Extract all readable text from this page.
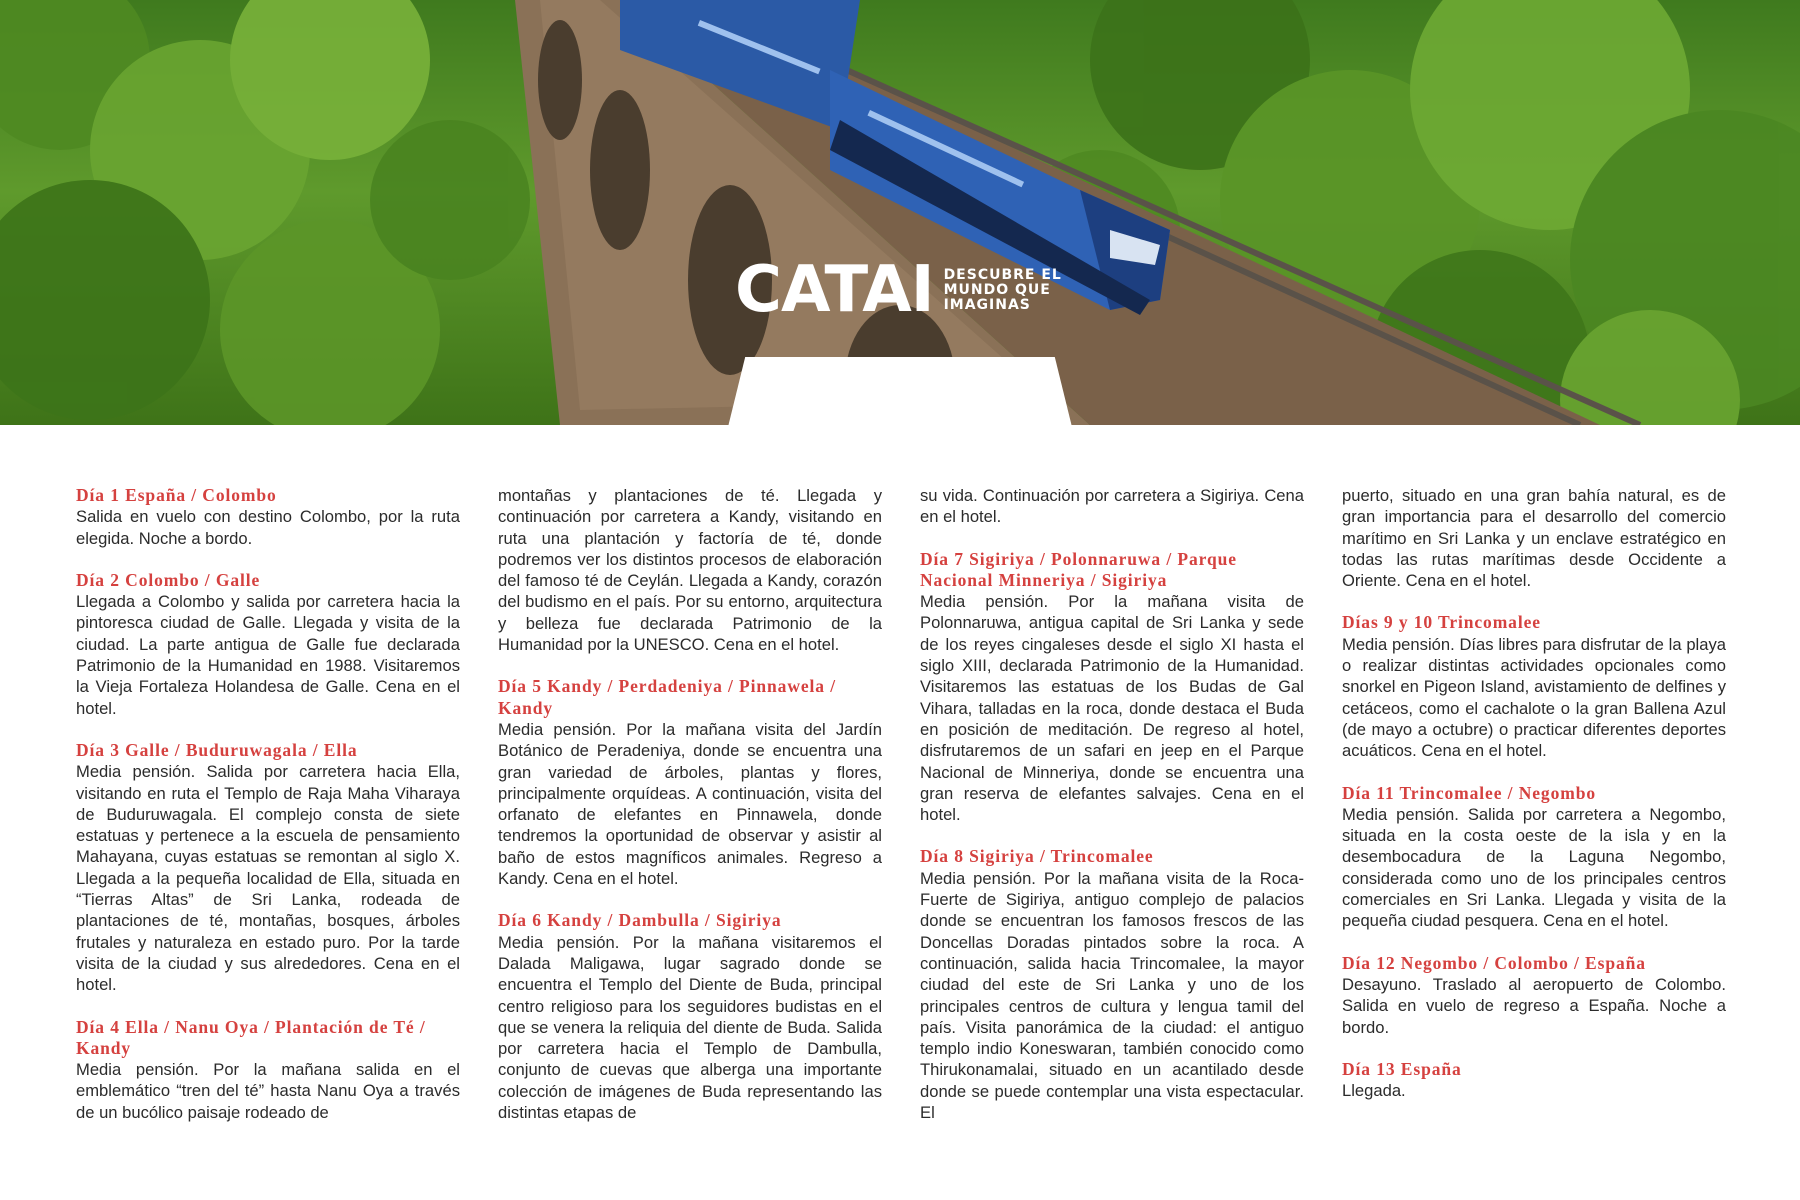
CATAI DESCUBRE EL
MUNDO QUE
IMAGINAS
Día 1 España / Colombo
Salida en vuelo con destino Colombo, por la ruta elegida. Noche a bordo.
Día 2 Colombo / Galle
Llegada a Colombo y salida por carretera hacia la pintoresca ciudad de Galle. Llegada y visita de la ciudad. La parte antigua de Galle fue declarada Patrimonio de la Humanidad en 1988. Visitaremos la Vieja Fortaleza Holandesa de Galle. Cena en el hotel.
Día 3 Galle / Buduruwagala / Ella
Media pensión. Salida por carretera hacia Ella, visitando en ruta el Templo de Raja Maha Viharaya de Buduruwagala. El complejo consta de siete estatuas y pertenece a la escuela de pensamiento Mahayana, cuyas estatuas se remontan al siglo X. Llegada a la pequeña localidad de Ella, situada en “Tierras Altas” de Sri Lanka, rodeada de plantaciones de té, montañas, bosques, árboles frutales y naturaleza en estado puro. Por la tarde visita de la ciudad y sus alrededores. Cena en el hotel.
Día 4 Ella / Nanu Oya / Plantación de Té / Kandy
Media pensión. Por la mañana salida en el emblemático “tren del té” hasta Nanu Oya a través de un bucólico paisaje rodeado de
montañas y plantaciones de té. Llegada y continuación por carretera a Kandy, visitando en ruta una plantación y factoría de té, donde podremos ver los distintos procesos de elaboración del famoso té de Ceylán. Llegada a Kandy, corazón del budismo en el país. Por su entorno, arquitectura y belleza fue declarada Patrimonio de la Humanidad por la UNESCO. Cena en el hotel.
Día 5 Kandy / Perdadeniya / Pinnawela / Kandy
Media pensión. Por la mañana visita del Jardín Botánico de Peradeniya, donde se encuentra una gran variedad de árboles, plantas y flores, principalmente orquídeas. A continuación, visita del orfanato de elefantes en Pinnawela, donde tendremos la oportunidad de observar y asistir al baño de estos magníficos animales. Regreso a Kandy. Cena en el hotel.
Día 6 Kandy / Dambulla / Sigiriya
Media pensión. Por la mañana visitaremos el Dalada Maligawa, lugar sagrado donde se encuentra el Templo del Diente de Buda, principal centro religioso para los seguidores budistas en el que se venera la reliquia del diente de Buda. Salida por carretera hacia el Templo de Dambulla, conjunto de cuevas que alberga una importante colección de imágenes de Buda representando las distintas etapas de
su vida. Continuación por carretera a Sigiriya. Cena en el hotel.
Día 7 Sigiriya / Polonnaruwa / Parque Nacional Minneriya / Sigiriya
Media pensión. Por la mañana visita de Polonnaruwa, antigua capital de Sri Lanka y sede de los reyes cingaleses desde el siglo XI hasta el siglo XIII, declarada Patrimonio de la Humanidad. Visitaremos las estatuas de los Budas de Gal Vihara, talladas en la roca, donde destaca el Buda en posición de meditación. De regreso al hotel, disfrutaremos de un safari en jeep en el Parque Nacional de Minneriya, donde se encuentra una gran reserva de elefantes salvajes. Cena en el hotel.
Día 8 Sigiriya / Trincomalee
Media pensión. Por la mañana visita de la Roca-Fuerte de Sigiriya, antiguo complejo de palacios donde se encuentran los famosos frescos de las Doncellas Doradas pintados sobre la roca. A continuación, salida hacia Trincomalee, la mayor ciudad del este de Sri Lanka y uno de los principales centros de cultura y lengua tamil del país. Visita panorámica de la ciudad: el antiguo templo indio Koneswaran, también conocido como Thirukonamalai, situado en un acantilado desde donde se puede contemplar una vista espectacular. El
puerto, situado en una gran bahía natural, es de gran importancia para el desarrollo del comercio marítimo en Sri Lanka y un enclave estratégico en todas las rutas marítimas desde Occidente a Oriente. Cena en el hotel.
Días 9 y 10 Trincomalee
Media pensión. Días libres para disfrutar de la playa o realizar distintas actividades opcionales como snorkel en Pigeon Island, avistamiento de delfines y cetáceos, como el cachalote o la gran Ballena Azul (de mayo a octubre) o practicar diferentes deportes acuáticos. Cena en el hotel.
Día 11 Trincomalee / Negombo
Media pensión. Salida por carretera a Negombo, situada en la costa oeste de la isla y en la desembocadura de la Laguna Negombo, considerada como uno de los principales centros comerciales en Sri Lanka. Llegada y visita de la pequeña ciudad pesquera. Cena en el hotel.
Día 12 Negombo / Colombo / España
Desayuno. Traslado al aeropuerto de Colombo. Salida en vuelo de regreso a España. Noche a bordo.
Día 13 España
Llegada.
